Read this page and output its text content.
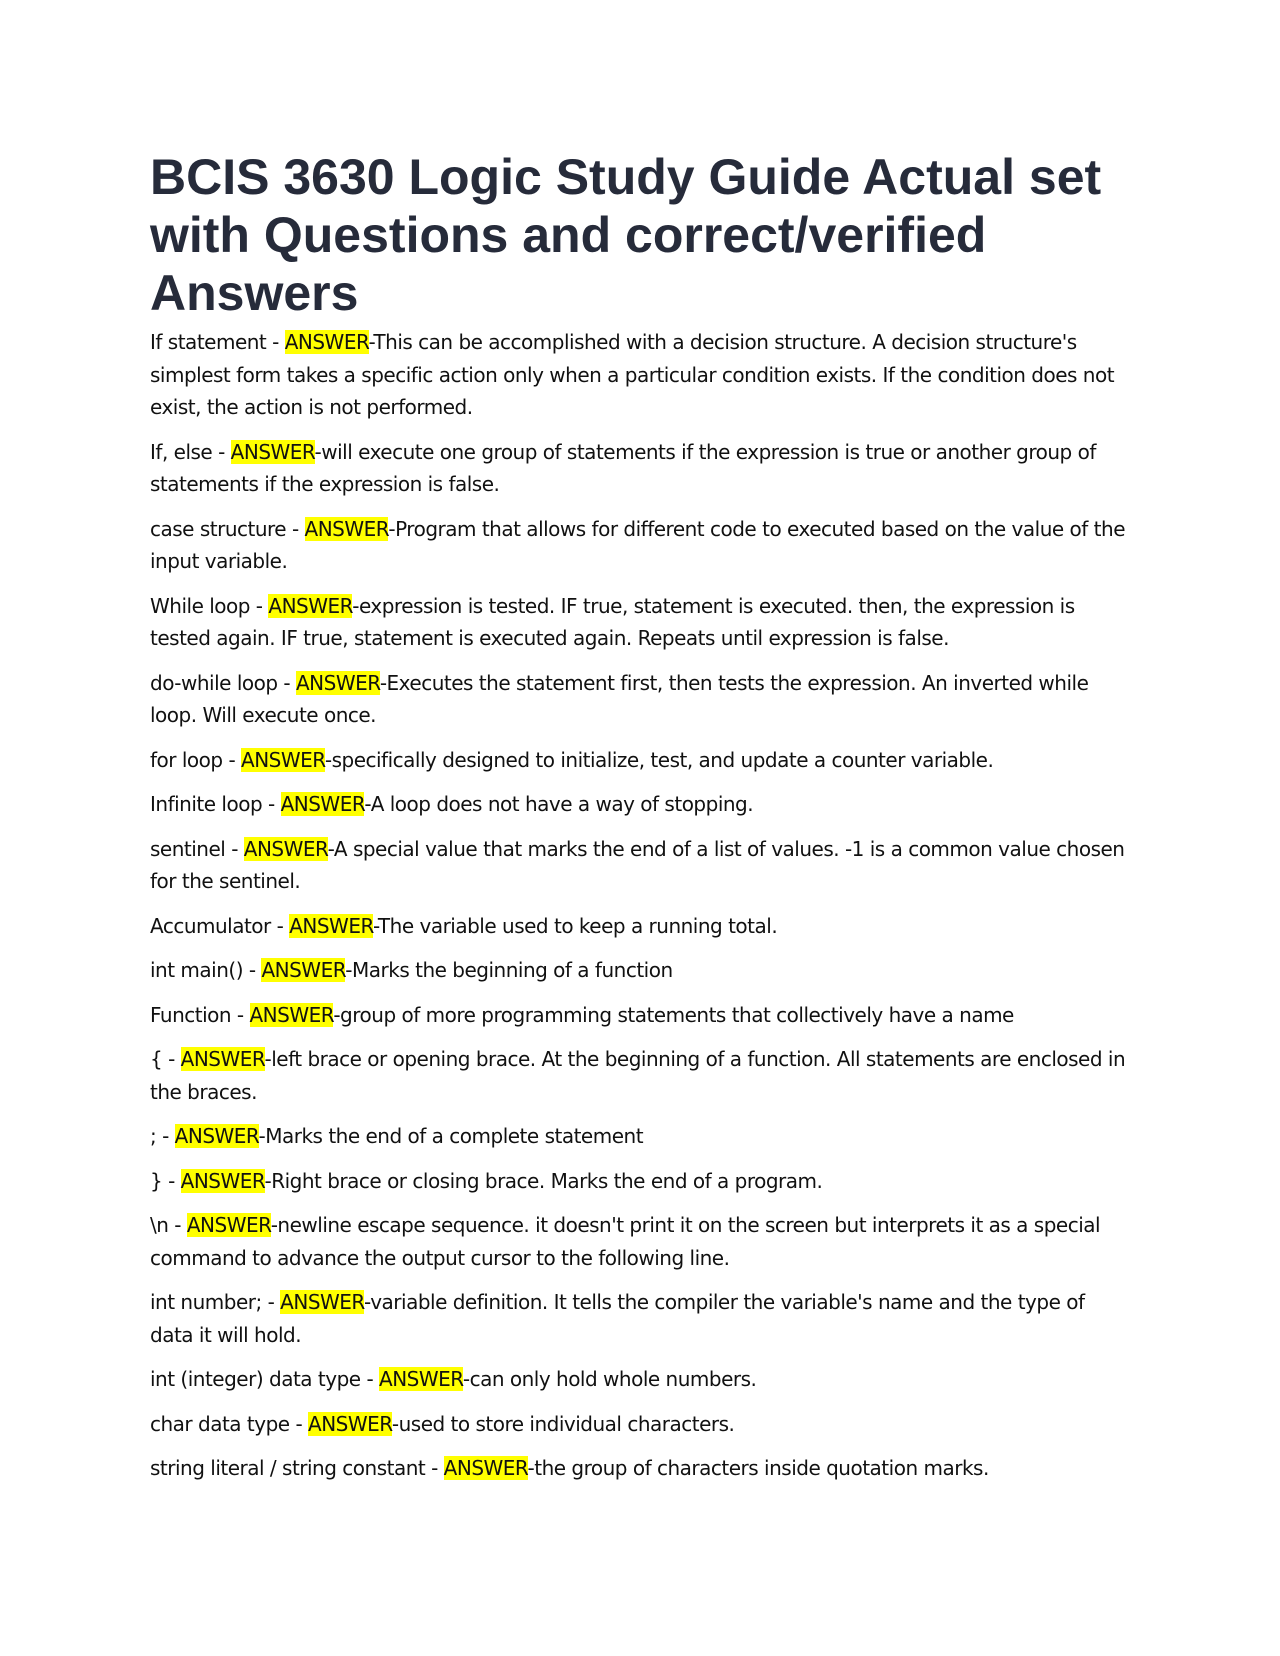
BCIS 3630 Logic Study Guide Actual set with Questions and correct/verified Answers

If statement - ANSWER-This can be accomplished with a decision structure. A decision structure's simplest form takes a specific action only when a particular condition exists. If the condition does not exist, the action is not performed.

If, else - ANSWER-will execute one group of statements if the expression is true or another group of statements if the expression is false.

case structure - ANSWER-Program that allows for different code to executed based on the value of the input variable.

While loop - ANSWER-expression is tested. IF true, statement is executed. then, the expression is tested again. IF true, statement is executed again. Repeats until expression is false.

do-while loop - ANSWER-Executes the statement first, then tests the expression. An inverted while loop. Will execute once.

for loop - ANSWER-specifically designed to initialize, test, and update a counter variable.

Infinite loop - ANSWER-A loop does not have a way of stopping.

sentinel - ANSWER-A special value that marks the end of a list of values. -1 is a common value chosen for the sentinel.

Accumulator - ANSWER-The variable used to keep a running total.

int main() - ANSWER-Marks the beginning of a function

Function - ANSWER-group of more programming statements that collectively have a name

{ - ANSWER-left brace or opening brace. At the beginning of a function. All statements are enclosed in the braces.

; - ANSWER-Marks the end of a complete statement

} - ANSWER-Right brace or closing brace. Marks the end of a program.

\n - ANSWER-newline escape sequence. it doesn't print it on the screen but interprets it as a special command to advance the output cursor to the following line.

int number; - ANSWER-variable definition. It tells the compiler the variable's name and the type of data it will hold.

int (integer) data type - ANSWER-can only hold whole numbers.

char data type - ANSWER-used to store individual characters.

string literal / string constant - ANSWER-the group of characters inside quotation marks.
